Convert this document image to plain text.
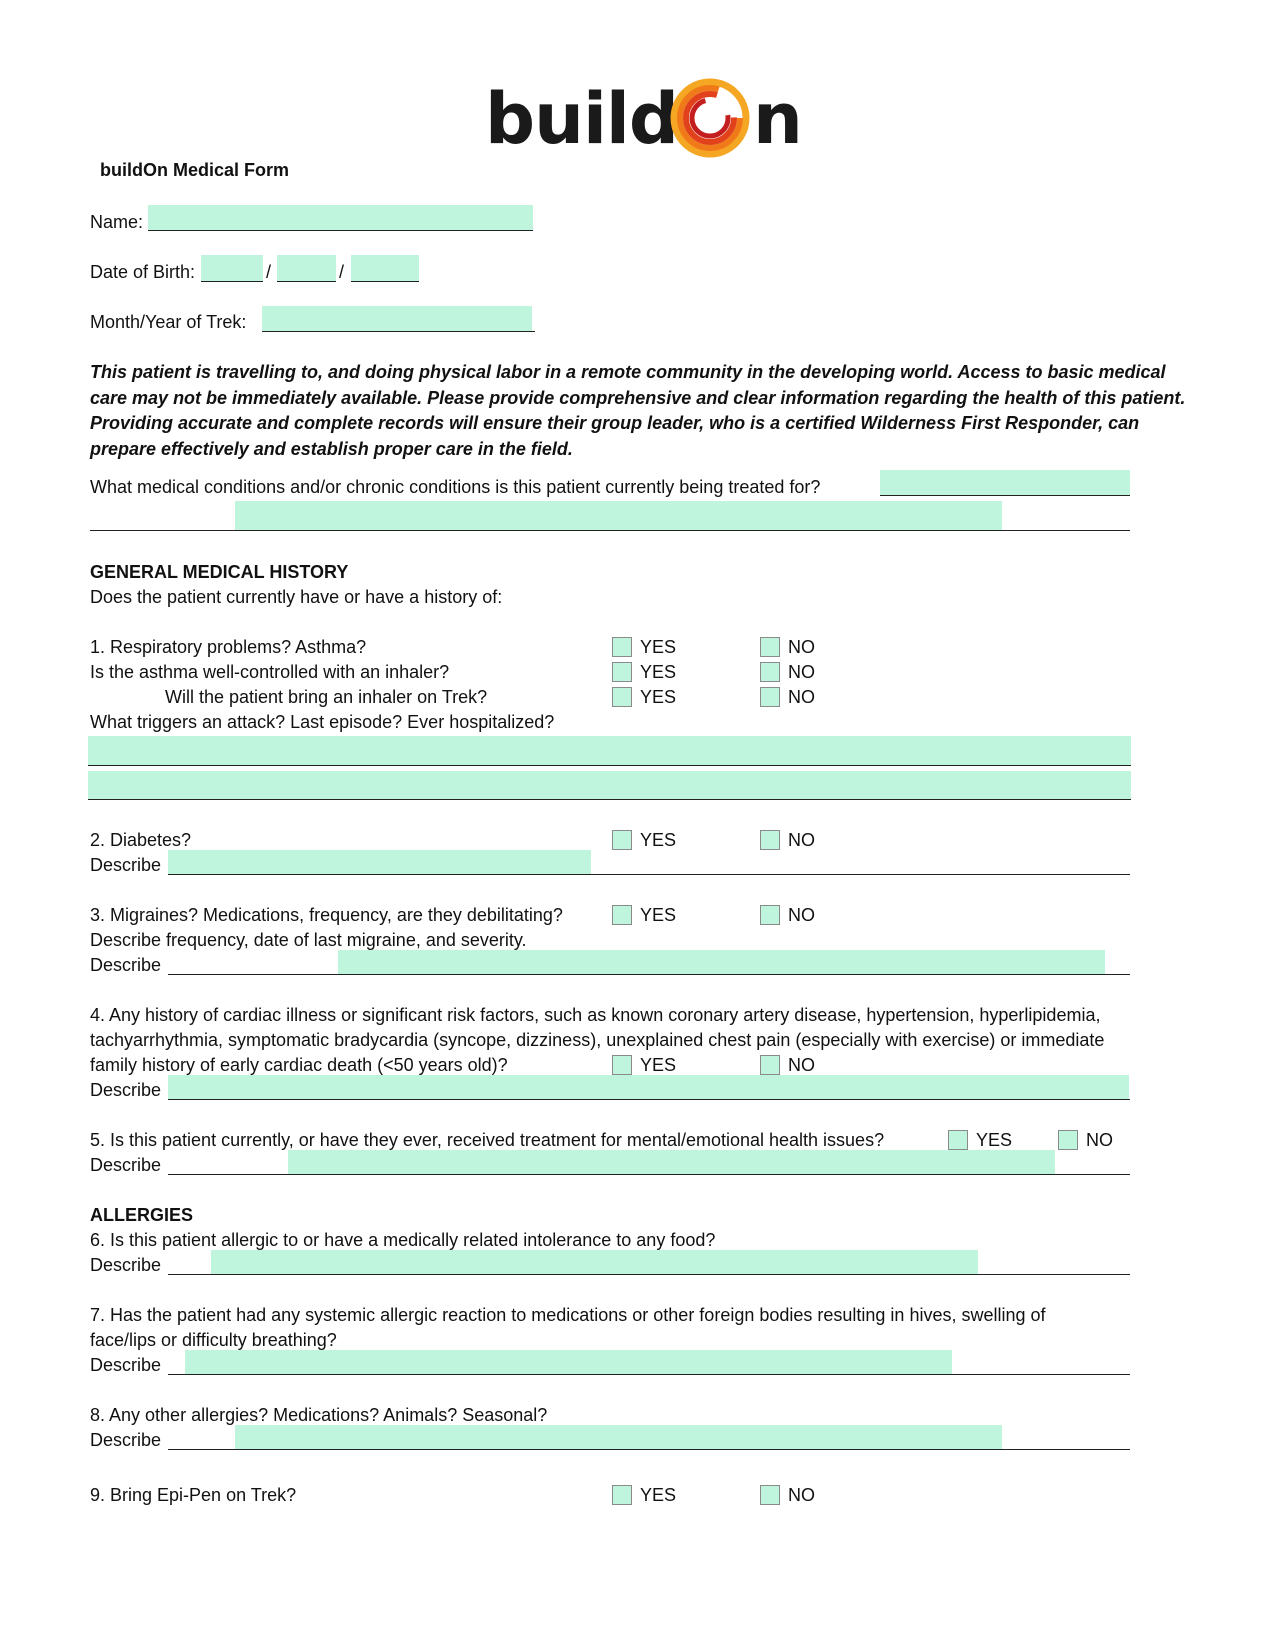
build n
buildOn Medical Form
Name:
Date of Birth:	/	/
Month/Year of Trek:
This patient is travelling to, and doing physical labor in a remote community in the developing world. Access to basic medical care may not be immediately available. Please provide comprehensive and clear information regarding the health of this patient. Providing accurate and complete records will ensure their group leader, who is a certified Wilderness First Responder, can prepare effectively and establish proper care in the field.
What medical conditions and/or chronic conditions is this patient currently being treated for?
GENERAL MEDICAL HISTORY
Does the patient currently have or have a history of:
1. Respiratory problems? Asthma?	YES	NO
Is the asthma well-controlled with an inhaler?	YES	NO
Will the patient bring an inhaler on Trek?	YES	NO
What triggers an attack? Last episode? Ever hospitalized?
2. Diabetes?	YES	NO
Describe
3. Migraines? Medications, frequency, are they debilitating?	YES	NO
Describe frequency, date of last migraine, and severity.
Describe
4. Any history of cardiac illness or significant risk factors, such as known coronary artery disease, hypertension, hyperlipidemia,
tachyarrhythmia, symptomatic bradycardia (syncope, dizziness), unexplained chest pain (especially with exercise) or immediate
family history of early cardiac death (<50 years old)?	YES	NO
Describe
5. Is this patient currently, or have they ever, received treatment for mental/emotional health issues?	YES	NO
Describe
ALLERGIES
6. Is this patient allergic to or have a medically related intolerance to any food?
Describe
7. Has the patient had any systemic allergic reaction to medications or other foreign bodies resulting in hives, swelling of
face/lips or difficulty breathing?
Describe
8. Any other allergies? Medications? Animals? Seasonal?
Describe
9. Bring Epi-Pen on Trek?	YES	NO
